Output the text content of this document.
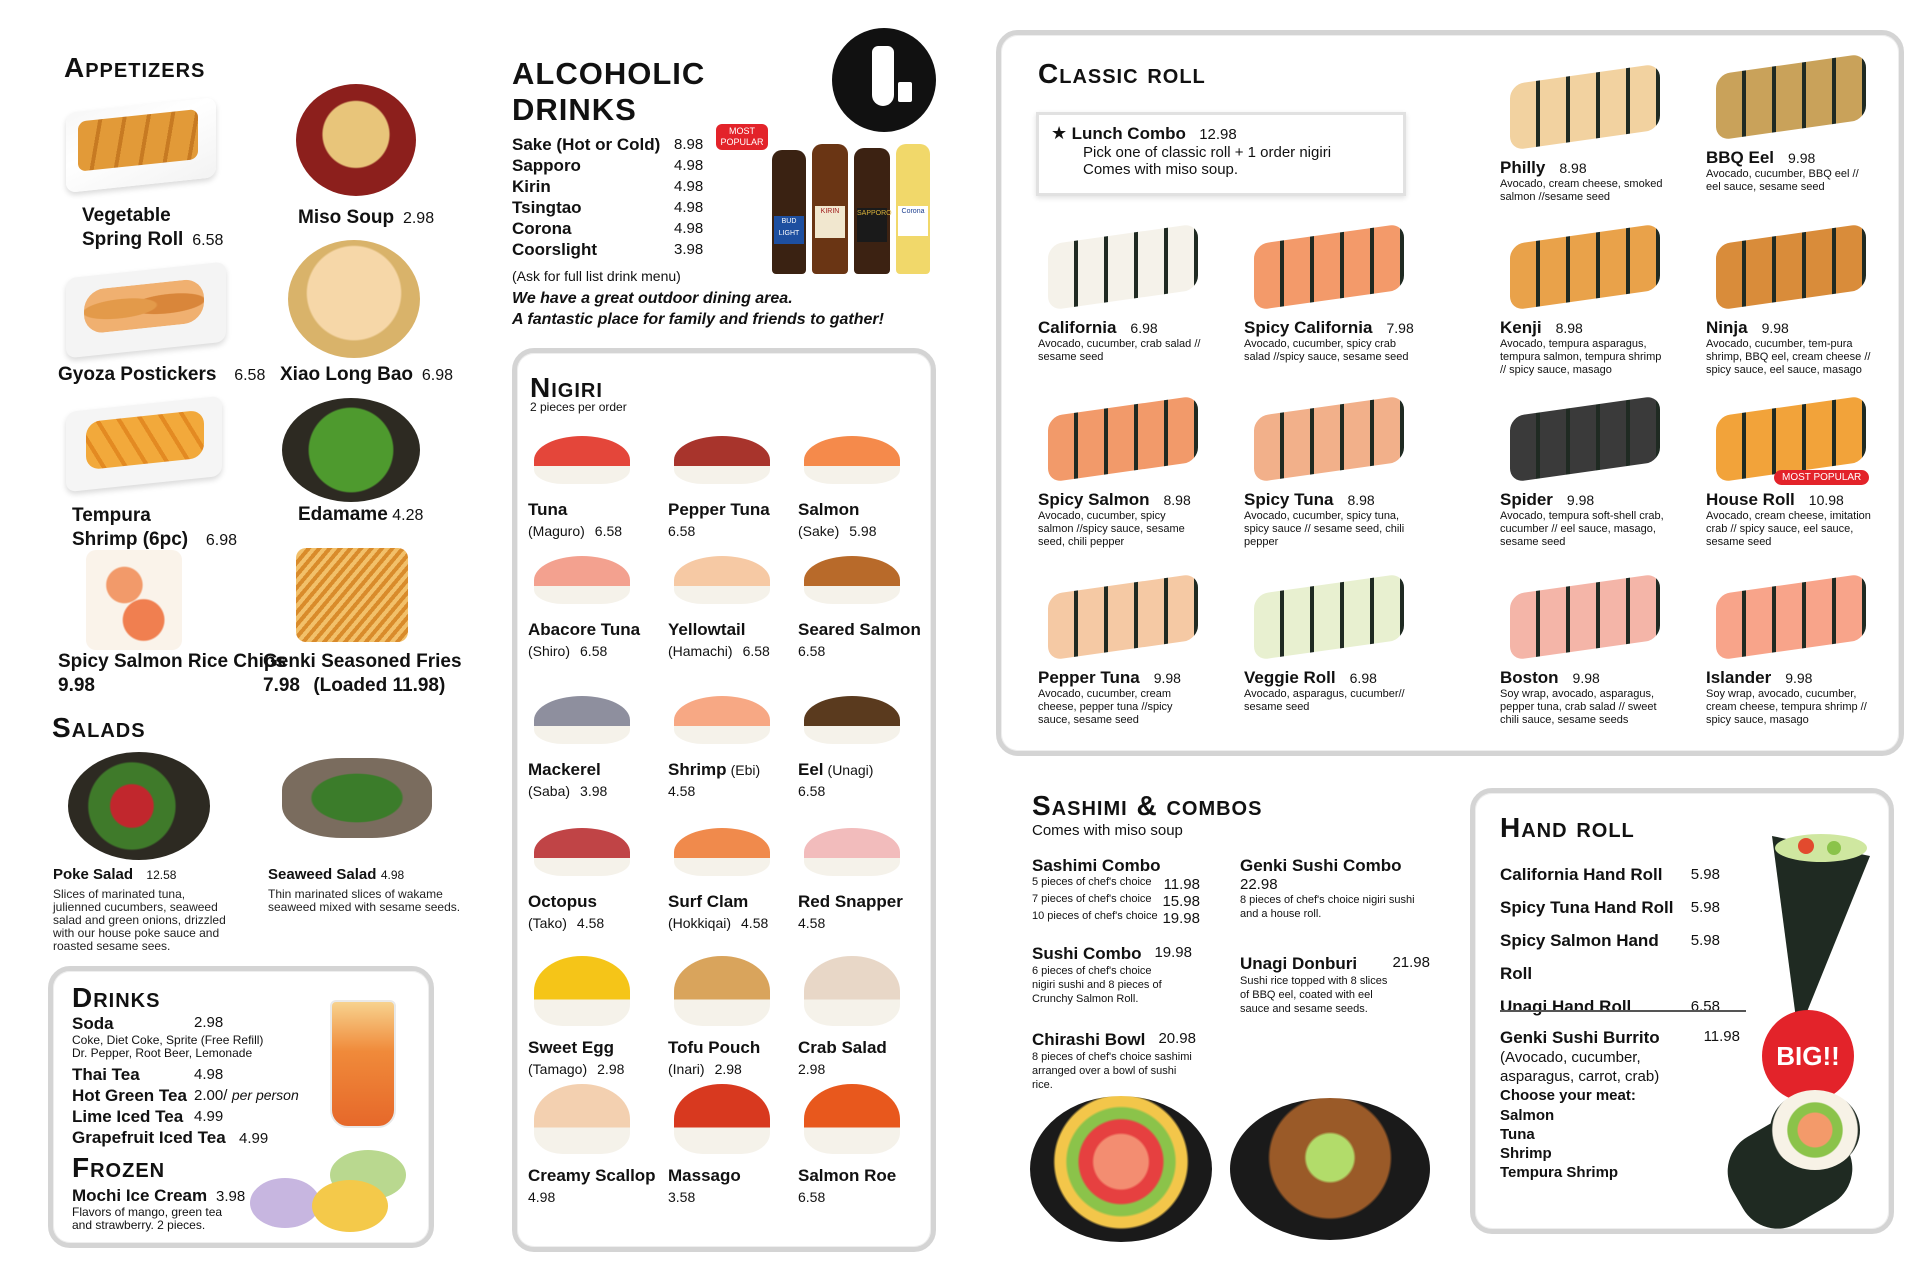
Appetizers
Vegetable
Spring Roll 6.58
Miso Soup 2.98
Gyoza Postickers 6.58 Xiao Long Bao 6.98
Tempura
Shrimp (6pc) 6.98
Edamame 4.28
Spicy Salmon Rice Chips
9.98
Genki Seasoned Fries
7.98 (Loaded 11.98)
Salads
Poke Salad 12.58
Slices of marinated tuna, julienned cucumbers, seaweed salad and green onions, drizzled with our house poke sauce and roasted sesame sees.
Seaweed Salad 4.98
Thin marinated slices of wakame seaweed mixed with sesame seeds.
Drinks
Soda	2.98
Coke, Diet Coke, Sprite (Free Refill)
Dr. Pepper, Root Beer, Lemonade
Thai Tea	4.98
Hot Green Tea 2.00/
per person
Lime Iced Tea 4.99
Grapefruit Iced Tea 4.99
Frozen
Mochi Ice Cream 3.98
Flavors of mango, green tea
and strawberry. 2 pieces.
ALCOHOLIC
DRINKS
Sake (Hot or Cold) 8.98
Sapporo	4.98
Kirin	4.98
Tsingtao	4.98
Corona	4.98
Coorslight	3.98
MOST
POPULAR
BUD LIGHT
KIRIN	SAPPORO	Corona
(Ask for full list drink menu)
We have a great outdoor dining area.
A fantastic place for family and friends to gather!
Nigiri
2 pieces per order
Tuna
(Maguro) 6.58
Pepper Tuna
6.58
Salmon
(Sake) 5.98
Abacore Tuna
(Shiro) 6.58
Yellowtail
(Hamachi) 6.58
Seared Salmon
6.58
Mackerel
(Saba) 3.98
Shrimp (Ebi)
4.58
Eel (Unagi)
6.58
Octopus
(Tako) 4.58
Surf Clam
(Hokkiqai) 4.58
Red Snapper
4.58
Sweet Egg
(Tamago) 2.98
Tofu Pouch
(Inari) 2.98
Crab Salad
2.98
Creamy Scallop
4.98
Massago
3.58
Salmon Roe
6.58
Classic roll
★ Lunch Combo 12.98
Pick one of classic roll + 1 order nigiri
Comes with miso soup.	Philly 8.98
Avocado, cream cheese, smoked salmon //sesame seed
BBQ Eel 9.98
Avocado, cucumber, BBQ eel // eel sauce, sesame seed
California 6.98
Avocado, cucumber, crab salad // sesame seed
Spicy California 7.98
Avocado, cucumber, spicy crab salad //spicy sauce, sesame seed
Kenji 8.98
Avocado, tempura asparagus, tempura salmon, tempura shrimp // spicy sauce, masago
Ninja 9.98
Avocado, cucumber, tem-pura shrimp, BBQ eel, cream cheese // spicy sauce, eel sauce, masago
Spicy Salmon 8.98
Avocado, cucumber, spicy salmon //spicy sauce, sesame seed, chili pepper
Spicy Tuna 8.98
Avocado, cucumber, spicy tuna, spicy sauce // sesame seed, chili pepper
Spider 9.98
Avocado, tempura soft-shell crab, cucumber // eel sauce, masago, sesame seed
House Roll 10.98
Avocado, cream cheese, imitation crab // spicy sauce, eel sauce, sesame seed
MOST POPULAR
Pepper Tuna 9.98
Avocado, cucumber, cream cheese, pepper tuna //spicy sauce, sesame seed
Veggie Roll 6.98
Avocado, asparagus, cucumber// sesame seed
Boston 9.98
Soy wrap, avocado, asparagus, pepper tuna, crab salad // sweet chili sauce, sesame seeds
Islander 9.98
Soy wrap, avocado, cucumber, cream cheese, tempura shrimp // spicy sauce, masago
Sashimi & combos
Comes with miso soup
Sashimi Combo
5 pieces of chef's choice 11.98
7 pieces of chef's choice 15.98
10 pieces of chef's choice 19.98
Genki Sushi Combo
22.98
8 pieces of chef's choice nigiri sushi and a house roll.
Sushi Combo 19.98
6 pieces of chef's choice nigiri sushi and 8 pieces of Crunchy Salmon Roll.
Unagi Donburi 21.98
Sushi rice topped with 8 slices of BBQ eel, coated with eel sauce and sesame seeds.
Chirashi Bowl 20.98
8 pieces of chef's choice sashimi arranged over a bowl of sushi rice.
Hand roll
California Hand Roll 5.98
Spicy Tuna Hand Roll 5.98
Spicy Salmon Hand Roll
5.98
Unagi Hand Roll	6.58
Genki Sushi Burrito	11.98
(Avocado, cucumber, asparagus, carrot, crab)
Choose your meat:
Salmon
Tuna
Shrimp
Tempura Shrimp
BIG!!
